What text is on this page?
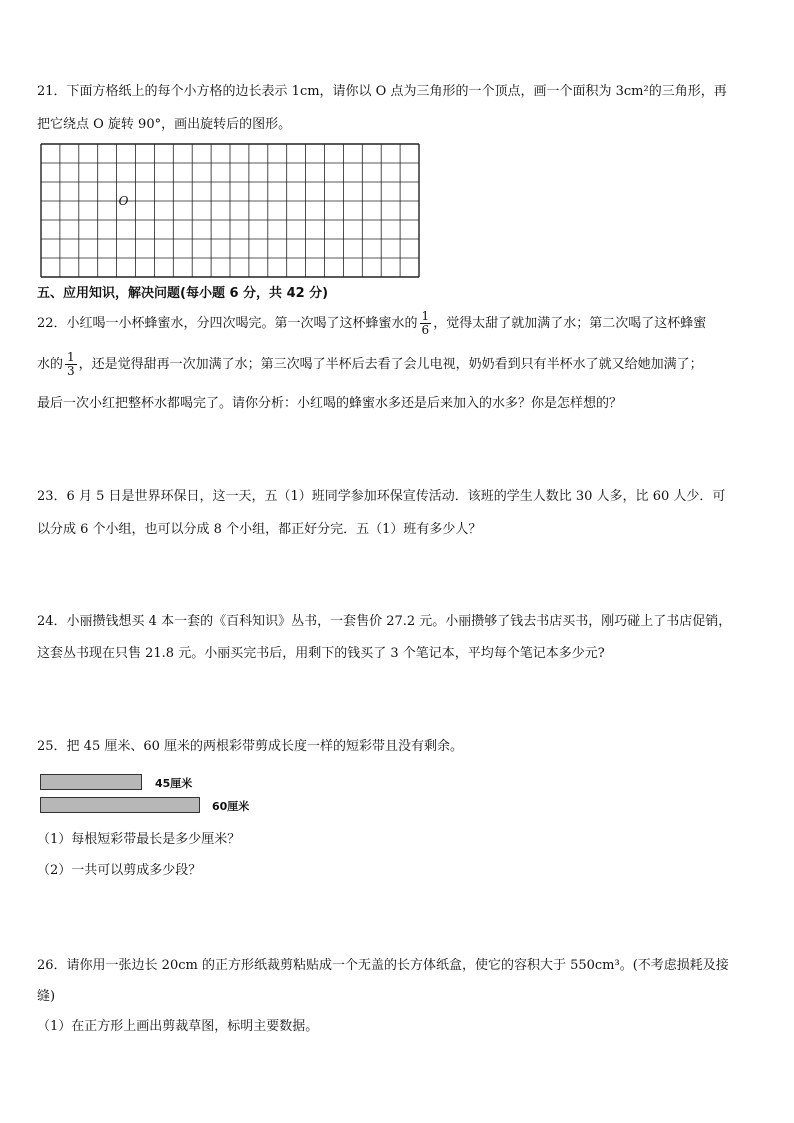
21．下面方格纸上的每个小方格的边长表示 1cm，请你以 O 点为三角形的一个顶点，画一个面积为 3cm²的三角形，再
把它绕点 O 旋转 90°，画出旋转后的图形。
O
五、应用知识，解决问题(每小题 6 分，共 42 分)
22．小红喝一小杯蜂蜜水，分四次喝完。第一次喝了这杯蜂蜜水的 $\frac{1}{6}$ ，觉得太甜了就加满了水；第二次喝了这杯蜂蜜
水的 $\frac{1}{3}$ ，还是觉得甜再一次加满了水；第三次喝了半杯后去看了会儿电视，奶奶看到只有半杯水了就又给她加满了；
最后一次小红把整杯水都喝完了。请你分析：小红喝的蜂蜜水多还是后来加入的水多？你是怎样想的？
23．6 月 5 日是世界环保日，这一天，五（1）班同学参加环保宣传活动．该班的学生人数比 30 人多，比 60 人少．可
以分成 6 个小组，也可以分成 8 个小组，都正好分完．五（1）班有多少人？
24．小丽攒钱想买 4 本一套的《百科知识》丛书，一套售价 27.2 元。小丽攒够了钱去书店买书，刚巧碰上了书店促销，
这套丛书现在只售 21.8 元。小丽买完书后，用剩下的钱买了 3 个笔记本，平均每个笔记本多少元?
25．把 45 厘米、60 厘米的两根彩带剪成长度一样的短彩带且没有剩余。
45厘米
60厘米
（1）每根短彩带最长是多少厘米？
（2）一共可以剪成多少段？
26．请你用一张边长 20cm 的正方形纸裁剪粘贴成一个无盖的长方体纸盒，使它的容积大于 550cm³。(不考虑损耗及接
缝)
（1）在正方形上画出剪裁草图，标明主要数据。
